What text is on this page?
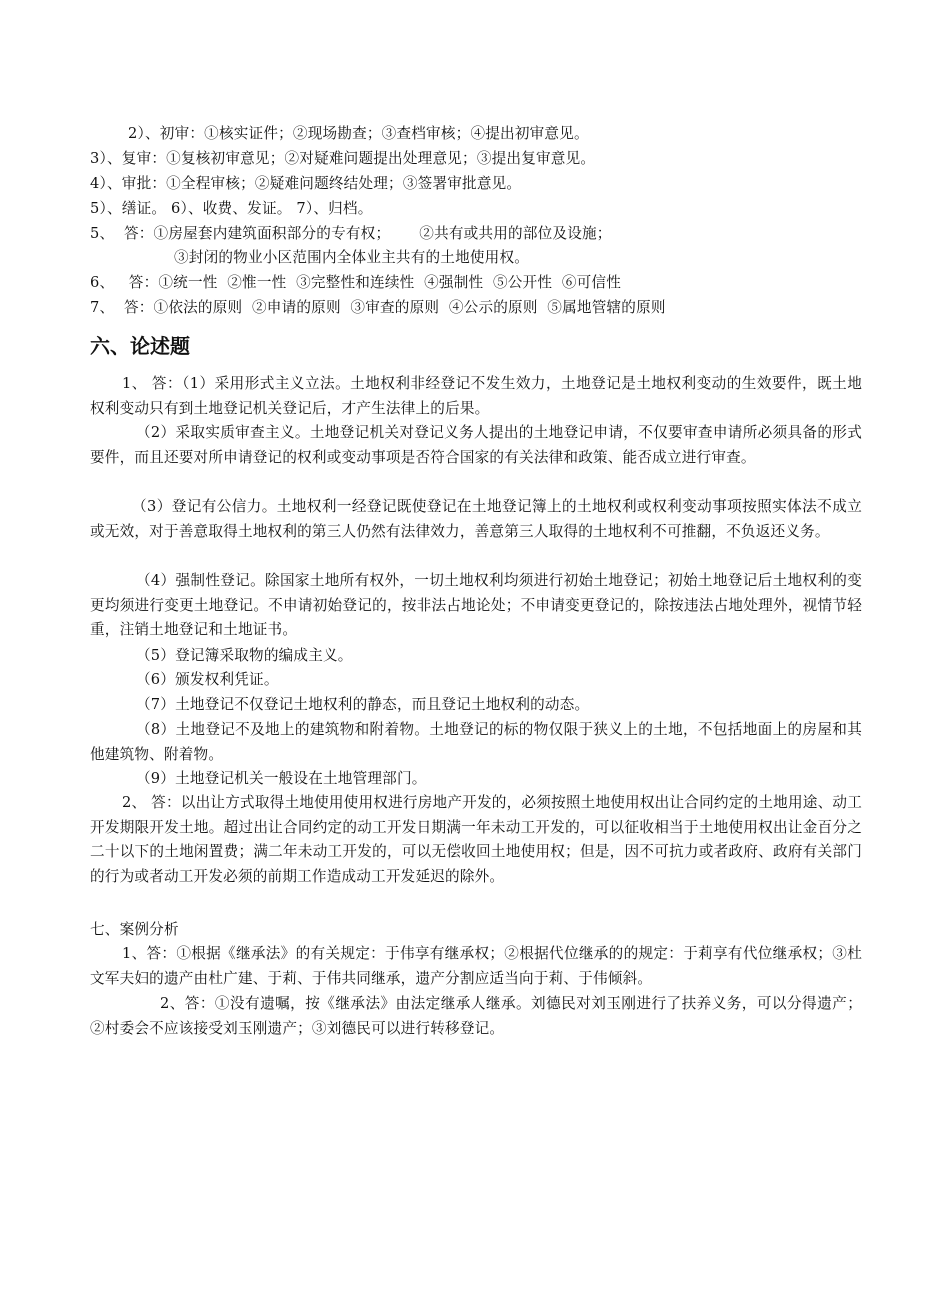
2）、初审：①核实证件；②现场勘查；③查档审核；④提出初审意见。
3）、复审：①复核初审意见；②对疑难问题提出处理意见；③提出复审意见。
4）、审批：①全程审核；②疑难问题终结处理；③签署审批意见。
5）、缮证。 6）、收费、发证。 7）、归档。
5、  答：①房屋套内建筑面积部分的专有权；      ②共有或共用的部位及设施；
③封闭的物业小区范围内全体业主共有的土地使用权。
6、   答：①统一性  ②惟一性  ③完整性和连续性  ④强制性  ⑤公开性  ⑥可信性
7、  答：①依法的原则  ②申请的原则  ③审查的原则  ④公示的原则  ⑤属地管辖的原则
六、论述题
1、 答：（1）采用形式主义立法。土地权利非经登记不发生效力，土地登记是土地权利变动的生效要件，既土地权利变动只有到土地登记机关登记后，才产生法律上的后果。
（2）采取实质审查主义。土地登记机关对登记义务人提出的土地登记申请，不仅要审查申请所必须具备的形式要件，而且还要对所申请登记的权利或变动事项是否符合国家的有关法律和政策、能否成立进行审查。
（3）登记有公信力。土地权利一经登记既使登记在土地登记簿上的土地权利或权利变动事项按照实体法不成立或无效，对于善意取得土地权利的第三人仍然有法律效力，善意第三人取得的土地权利不可推翻，不负返还义务。
（4）强制性登记。除国家土地所有权外，一切土地权利均须进行初始土地登记；初始土地登记后土地权利的变更均须进行变更土地登记。不申请初始登记的，按非法占地论处；不申请变更登记的，除按违法占地处理外，视情节轻重，注销土地登记和土地证书。
（5）登记簿采取物的编成主义。
（6）颁发权利凭证。
（7）土地登记不仅登记土地权利的静态，而且登记土地权利的动态。
（8）土地登记不及地上的建筑物和附着物。土地登记的标的物仅限于狭义上的土地，不包括地面上的房屋和其他建筑物、附着物。
（9）土地登记机关一般设在土地管理部门。
2、 答：以出让方式取得土地使用使用权进行房地产开发的，必须按照土地使用权出让合同约定的土地用途、动工开发期限开发土地。超过出让合同约定的动工开发日期满一年未动工开发的，可以征收相当于土地使用权出让金百分之二十以下的土地闲置费；满二年未动工开发的，可以无偿收回土地使用权；但是，因不可抗力或者政府、政府有关部门的行为或者动工开发必须的前期工作造成动工开发延迟的除外。
七、案例分析
1、答：①根据《继承法》的有关规定：于伟享有继承权；②根据代位继承的的规定：于莉享有代位继承权；③杜文军夫妇的遗产由杜广建、于莉、于伟共同继承，遗产分割应适当向于莉、于伟倾斜。
2、答：①没有遗嘱，按《继承法》由法定继承人继承。刘德民对刘玉刚进行了扶养义务，可以分得遗产；②村委会不应该接受刘玉刚遗产；③刘德民可以进行转移登记。
